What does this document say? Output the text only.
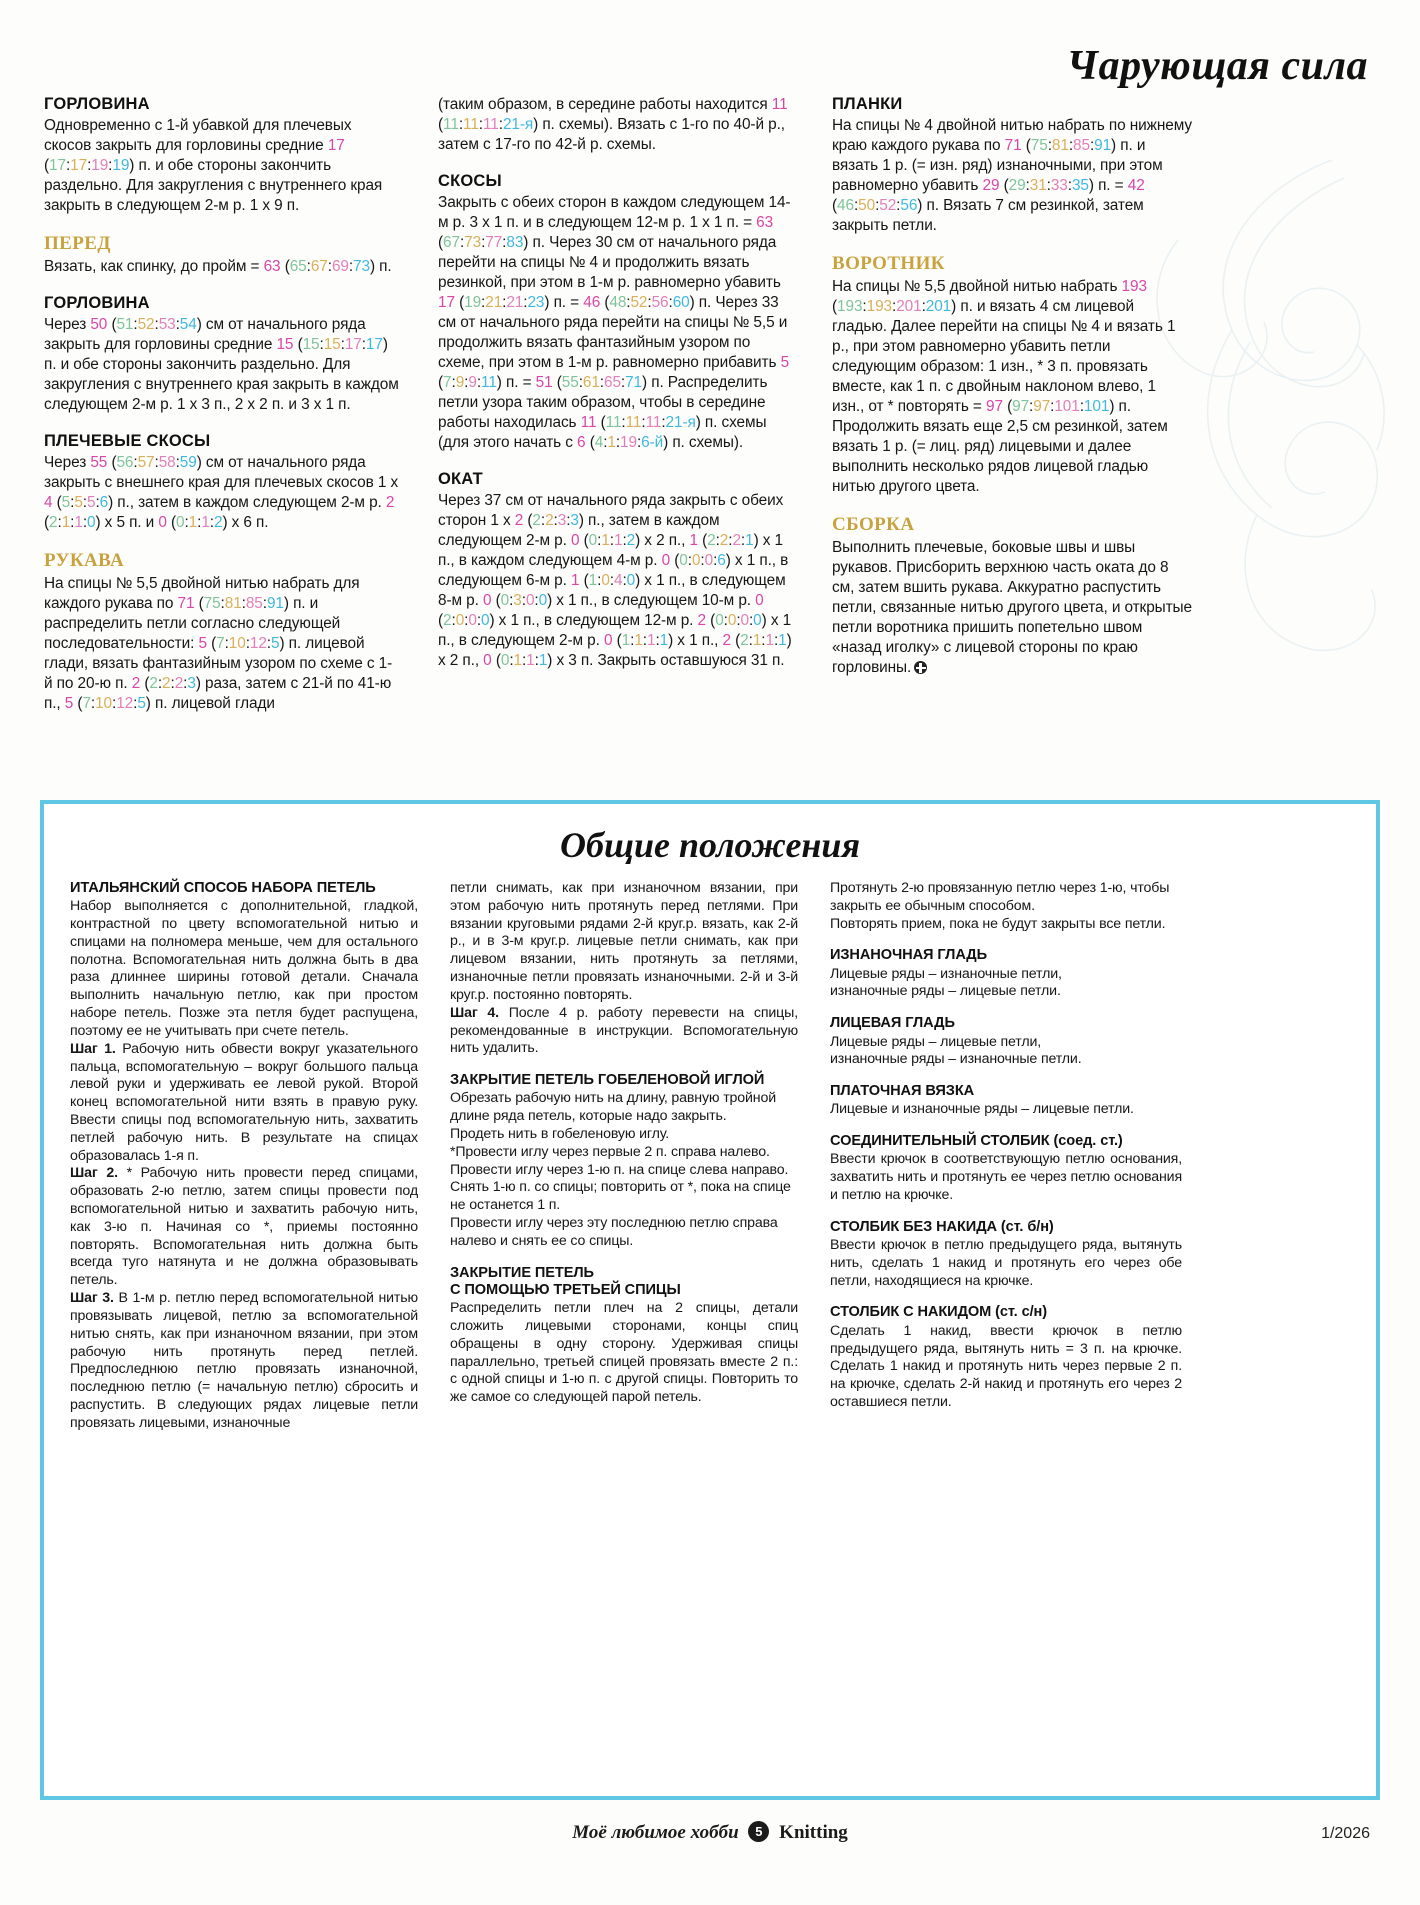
Чарующая сила
ГОРЛОВИНА

Одновременно с 1-й убавкой для плечевых скосов закрыть для горловины средние 17 (17:17:19:19) п. и обе стороны закончить раздельно. Для закругления с внутреннего края закрыть в следующем 2-м р. 1 х 9 п.

ПЕРЕД

Вязать, как спинку, до пройм = 63 (65:67:69:73) п.

ГОРЛОВИНА

Через 50 (51:52:53:54) см от начального ряда закрыть для горловины средние 15 (15:15:17:17) п. и обе стороны закончить раздельно. Для закругления с внутреннего края закрыть в каждом следующем 2-м р. 1 х 3 п., 2 х 2 п. и 3 х 1 п.

ПЛЕЧЕВЫЕ СКОСЫ

Через 55 (56:57:58:59) см от начального ряда закрыть с внешнего края для плечевых скосов 1 х 4 (5:5:5:6) п., затем в каждом следующем 2-м р. 2 (2:1:1:0) х 5 п. и 0 (0:1:1:2) х 6 п.

РУКАВА

На спицы № 5,5 двойной нитью набрать для каждого рукава по 71 (75:81:85:91) п. и распределить петли согласно следующей последовательности: 5 (7:10:12:5) п. лицевой глади, вязать фантазийным узором по схеме с 1-й по 20-ю п. 2 (2:2:2:3) раза, затем с 21-й по 41-ю п., 5 (7:10:12:5) п. лицевой глади

(таким образом, в середине работы находится 11 (11:11:11:21-я) п. схемы). Вязать с 1-го по 40-й р., затем с 17-го по 42-й р. схемы.

СКОСЫ

Закрыть с обеих сторон в каждом следующем 14-м р. 3 х 1 п. и в следующем 12-м р. 1 х 1 п. = 63 (67:73:77:83) п. Через 30 см от начального ряда перейти на спицы № 4 и продолжить вязать резинкой, при этом в 1-м р. равномерно убавить 17 (19:21:21:23) п. = 46 (48:52:56:60) п. Через 33 см от начального ряда перейти на спицы № 5,5 и продолжить вязать фантазийным узором по схеме, при этом в 1-м р. равномерно прибавить 5 (7:9:9:11) п. = 51 (55:61:65:71) п. Распределить петли узора таким образом, чтобы в середине работы находилась 11 (11:11:11:21-я) п. схемы (для этого начать с 6 (4:1:19:6-й) п. схемы).

ОКАТ

Через 37 см от начального ряда закрыть с обеих сторон 1 х 2 (2:2:3:3) п., затем в каждом следующем 2-м р. 0 (0:1:1:2) х 2 п., 1 (2:2:2:1) х 1 п., в каждом следующем 4-м р. 0 (0:0:0:6) х 1 п., в следующем 6-м р. 1 (1:0:4:0) х 1 п., в следующем 8-м р. 0 (0:3:0:0) х 1 п., в следующем 10-м р. 0 (2:0:0:0) х 1 п., в следующем 12-м р. 2 (0:0:0:0) х 1 п., в следующем 2-м р. 0 (1:1:1:1) х 1 п., 2 (2:1:1:1) х 2 п., 0 (0:1:1:1) х 3 п. Закрыть оставшуюся 31 п.

ПЛАНКИ

На спицы № 4 двойной нитью набрать по нижнему краю каждого рукава по 71 (75:81:85:91) п. и вязать 1 р. (= изн. ряд) изнаночными, при этом равномерно убавить 29 (29:31:33:35) п. = 42 (46:50:52:56) п. Вязать 7 см резинкой, затем закрыть петли.

ВОРОТНИК

На спицы № 5,5 двойной нитью набрать 193 (193:193:201:201) п. и вязать 4 см лицевой гладью. Далее перейти на спицы № 4 и вязать 1 р., при этом равномерно убавить петли следующим образом: 1 изн., * 3 п. провязать вместе, как 1 п. с двойным наклоном влево, 1 изн., от * повторять = 97 (97:97:101:101) п. Продолжить вязать еще 2,5 см резинкой, затем вязать 1 р. (= лиц. ряд) лицевыми и далее выполнить несколько рядов лицевой гладью нитью другого цвета.

СБОРКА

Выполнить плечевые, боковые швы и швы рукавов. Присборить верхнюю часть оката до 8 см, затем вшить рукава. Аккуратно распустить петли, связанные нитью другого цвета, и открытые петли воротника пришить попетельно швом «назад иголку» с лицевой стороны по краю горловины.

Общие положения
ИТАЛЬЯНСКИЙ СПОСОБ НАБОРА ПЕТЕЛЬ

Набор выполняется с дополнительной, гладкой, контрастной по цвету вспомогательной нитью и спицами на полномера меньше, чем для остального полотна. Вспомогательная нить должна быть в два раза длиннее ширины готовой детали. Сначала выполнить начальную петлю, как при простом наборе петель. Позже эта петля будет распущена, поэтому ее не учитывать при счете петель.

Шаг 1. Рабочую нить обвести вокруг указательного пальца, вспомогательную – вокруг большого пальца левой руки и удерживать ее левой рукой. Второй конец вспомогательной нити взять в правую руку. Ввести спицы под вспомогательную нить, захватить петлей рабочую нить. В результате на спицах образовалась 1-я п.

Шаг 2. * Рабочую нить провести перед спицами, образовать 2-ю петлю, затем спицы провести под вспомогательной нитью и захватить рабочую нить, как 3-ю п. Начиная со *, приемы постоянно повторять. Вспомогательная нить должна быть всегда туго натянута и не должна образовывать петель.

Шаг 3. В 1-м р. петлю перед вспомогательной нитью провязывать лицевой, петлю за вспомогательной нитью снять, как при изнаночном вязании, при этом рабочую нить протянуть перед петлей. Предпоследнюю петлю провязать изнаночной, последнюю петлю (= начальную петлю) сбросить и распустить. В следующих рядах лицевые петли провязать лицевыми, изнаночные

петли снимать, как при изнаночном вязании, при этом рабочую нить протянуть перед петлями. При вязании круговыми рядами 2-й круг.р. вязать, как 2-й р., и в 3-м круг.р. лицевые петли снимать, как при лицевом вязании, нить протянуть за петлями, изнаночные петли провязать изнаночными. 2-й и 3-й круг.р. постоянно повторять.

Шаг 4. После 4 р. работу перевести на спицы, рекомендованные в инструкции. Вспомогательную нить удалить.

ЗАКРЫТИЕ ПЕТЕЛЬ ГОБЕЛЕНОВОЙ ИГЛОЙ

Обрезать рабочую нить на длину, равную тройной длине ряда петель, которые надо закрыть.

Продеть нить в гобеленовую иглу.

*Провести иглу через первые 2 п. справа налево.

Провести иглу через 1-ю п. на спице слева направо.

Снять 1-ю п. со спицы; повторить от *, пока на спице не останется 1 п.

Провести иглу через эту последнюю петлю справа налево и снять ее со спицы.

ЗАКРЫТИЕ ПЕТЕЛЬ
С ПОМОЩЬЮ ТРЕТЬЕЙ СПИЦЫ

Распределить петли плеч на 2 спицы, детали сложить лицевыми сторонами, концы спиц обращены в одну сторону. Удерживая спицы параллельно, третьей спицей провязать вместе 2 п.: с одной спицы и 1-ю п. с другой спицы. Повторить то же самое со следующей парой петель.

Протянуть 2-ю провязанную петлю через 1-ю, чтобы закрыть ее обычным способом.

Повторять прием, пока не будут закрыты все петли.

ИЗНАНОЧНАЯ ГЛАДЬ

Лицевые ряды – изнаночные петли,

изнаночные ряды – лицевые петли.

ЛИЦЕВАЯ ГЛАДЬ

Лицевые ряды – лицевые петли,

изнаночные ряды – изнаночные петли.

ПЛАТОЧНАЯ ВЯЗКА

Лицевые и изнаночные ряды – лицевые петли.

СОЕДИНИТЕЛЬНЫЙ СТОЛБИК (соед. ст.)

Ввести крючок в соответствующую петлю основания, захватить нить и протянуть ее через петлю основания и петлю на крючке.

СТОЛБИК БЕЗ НАКИДА (ст. б/н)

Ввести крючок в петлю предыдущего ряда, вытянуть нить, сделать 1 накид и протянуть его через обе петли, находящиеся на крючке.

СТОЛБИК С НАКИДОМ (ст. с/н)

Сделать 1 накид, ввести крючок в петлю предыдущего ряда, вытянуть нить = 3 п. на крючке. Сделать 1 накид и протянуть нить через первые 2 п. на крючке, сделать 2-й накид и протянуть его через 2 оставшиеся петли.

Моё любимое хобби 5 Knitting	1/2026
